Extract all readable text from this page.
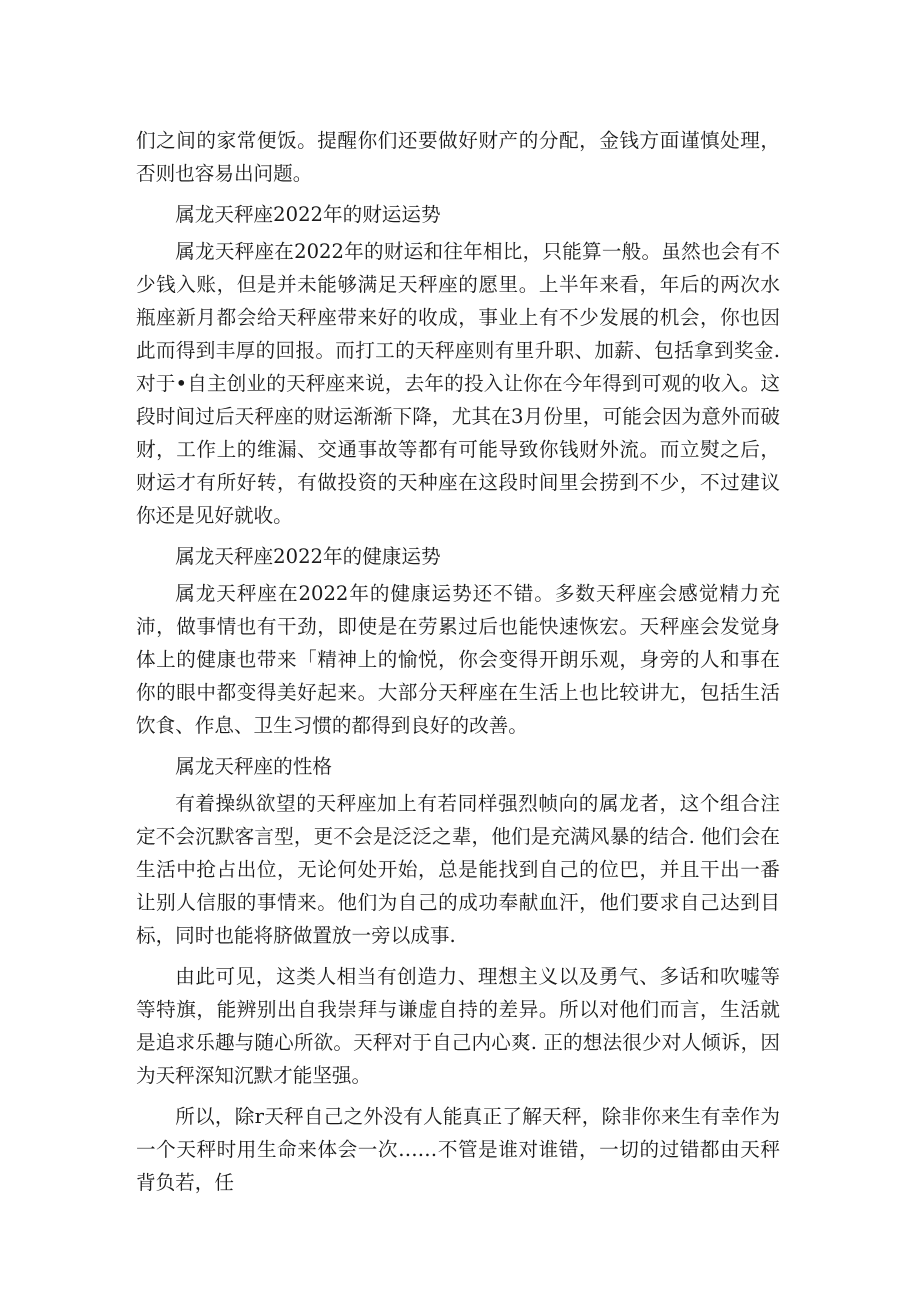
们之间的家常便饭。提醒你们还要做好财产的分配，金钱方面谨慎处理，否则也容易出问题。

属龙天秤座2022年的财运运势

属龙天秤座在2022年的财运和往年相比，只能算一般。虽然也会有不少钱入账，但是并未能够满足天秤座的愿里。上半年来看，年后的两次水瓶座新月都会给天秤座带来好的收成，事业上有不少发展的机会，你也因此而得到丰厚的回报。而打工的天秤座则有里升职、加薪、包括拿到奖金. 对于•自主创业的天秤座来说，去年的投入让你在今年得到可观的收入。这段时间过后天秤座的财运渐渐下降，尤其在3月份里，可能会因为意外而破财，工作上的维漏、交通事故等都有可能导致你钱财外流。而立熨之后，财运才有所好转，有做投资的天种座在这段时间里会捞到不少，不过建议你还是见好就收。

属龙天秤座2022年的健康运势

属龙天秤座在2022年的健康运势还不错。多数天秤座会感觉精力充沛，做事情也有干劲，即使是在劳累过后也能快速恢宏。天秤座会发觉身体上的健康也带来「精神上的愉悦，你会变得开朗乐观，身旁的人和事在你的眼中都变得美好起来。大部分天秤座在生活上也比较讲尢，包括生活饮食、作息、卫生习惯的都得到良好的改善。

属龙天秤座的性格

有着操纵欲望的天秤座加上有若同样强烈帧向的属龙者，这个组合注定不会沉默客言型，更不会是泛泛之辈，他们是充满风暴的结合. 他们会在生活中抢占出位，无论何处开始，总是能找到自己的位巴，并且干出一番让别人信服的事情来。他们为自己的成功奉献血汗，他们要求自己达到目标，同时也能将脐做置放一旁以成事.

由此可见，这类人相当有创造力、理想主义以及勇气、多话和吹嘘等等特旗，能辨别出自我崇拜与谦虚自持的差异。所以对他们而言，生活就是追求乐趣与随心所欲。天秤对于自己内心爽. 正的想法很少对人倾诉，因为天秤深知沉默才能坚强。

所以，除r天秤自己之外没有人能真正了解天秤，除非你来生有幸作为一个天秤时用生命来体会一次……不管是谁对谁错，一切的过错都由天秤背负若，任
